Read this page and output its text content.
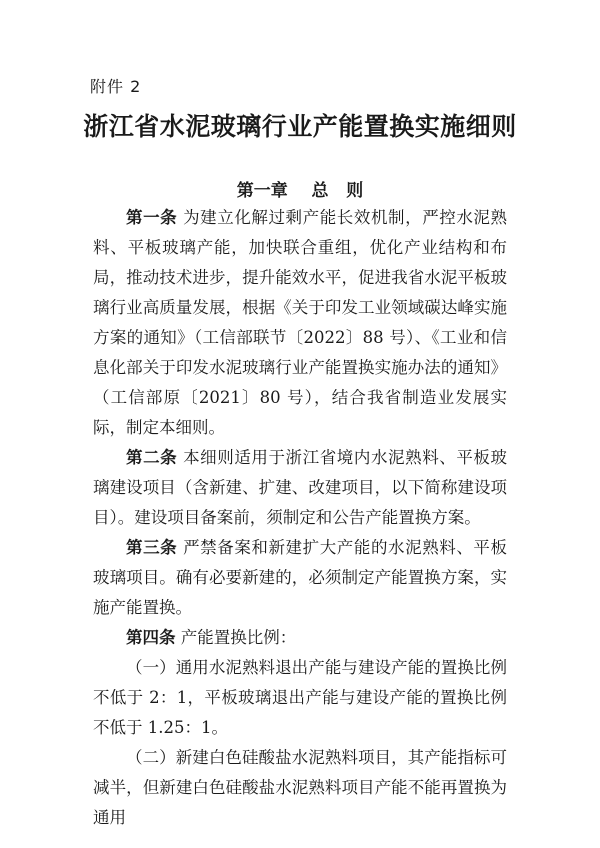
附件 2
浙江省水泥玻璃行业产能置换实施细则
第一章    总   则

第一条 为建立化解过剩产能长效机制，严控水泥熟料、平板玻璃产能，加快联合重组，优化产业结构和布局，推动技术进步，提升能效水平，促进我省水泥平板玻璃行业高质量发展，根据《关于印发工业领域碳达峰实施方案的通知》（工信部联节〔2022〕88 号）、《工业和信息化部关于印发水泥玻璃行业产能置换实施办法的通知》（工信部原〔2021〕80 号），结合我省制造业发展实际，制定本细则。

第二条 本细则适用于浙江省境内水泥熟料、平板玻璃建设项目（含新建、扩建、改建项目，以下简称建设项目）。建设项目备案前，须制定和公告产能置换方案。

第三条 严禁备案和新建扩大产能的水泥熟料、平板玻璃项目。确有必要新建的，必须制定产能置换方案，实施产能置换。

第四条 产能置换比例：

（一）通用水泥熟料退出产能与建设产能的置换比例不低于 2：1，平板玻璃退出产能与建设产能的置换比例不低于 1.25：1。

（二）新建白色硅酸盐水泥熟料项目，其产能指标可减半，但新建白色硅酸盐水泥熟料项目产能不能再置换为通用
